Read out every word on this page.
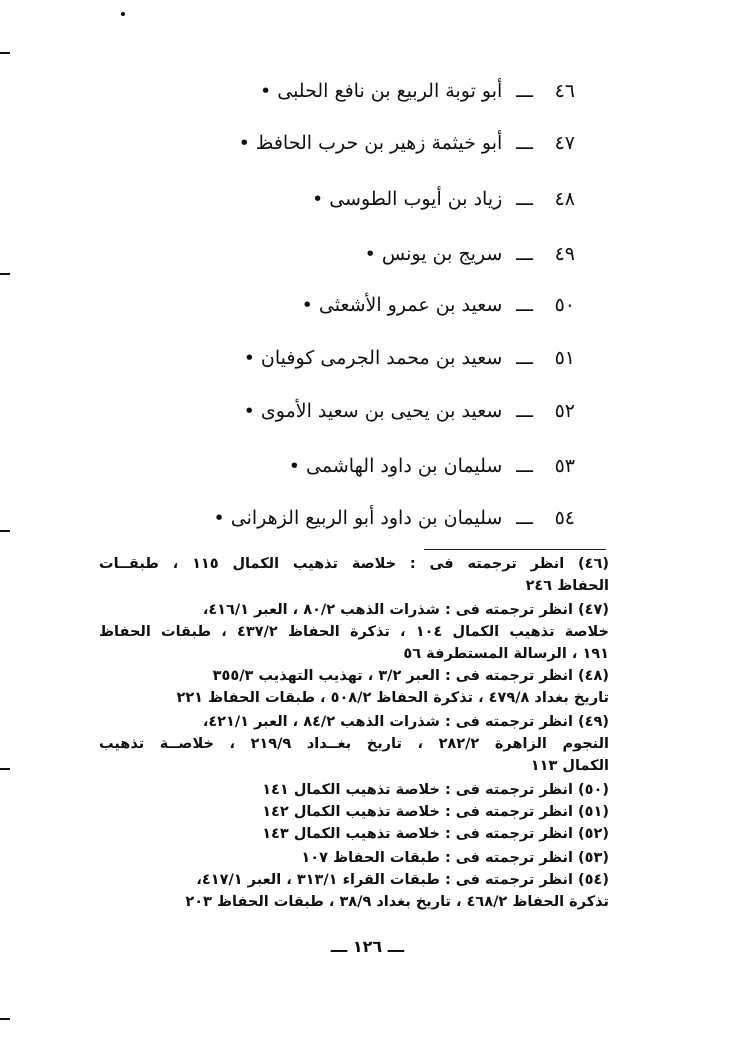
٤٦
ـــ
أبو توبة الربيع بن نافع الحلبى •
٤٧
ـــ
أبو خيثمة زهير بن حرب الحافظ •
٤٨
ـــ
زياد بن أيوب الطوسى •
٤٩
ـــ
سريج بن يونس •
٥٠
ـــ
سعيد بن عمرو الأشعثى •
٥١
ـــ
سعيد بن محمد الجرمى كوفيان •
٥٢
ـــ
سعيد بن يحيى بن سعيد الأموى •
٥٣
ـــ
سليمان بن داود الهاشمى •
٥٤
ـــ
سليمان بن داود أبو الربيع الزهرانى •
(٤٦) انظر ترجمته فى : خلاصة تذهيب الكمال ١١٥ ، طبقــات
الحفاظ ٢٤٦
(٤٧) انظر ترجمته فى : شذرات الذهب ٨٠/٢ ، العبر ٤١٦/١،
خلاصة تذهيب الكمال ١٠٤ ، تذكرة الحفاظ ٤٣٧/٢ ، طبقات الحفاظ
١٩١ ، الرسالة المستطرفة ٥٦
(٤٨) انظر ترجمته فى : العبر ٣/٢ ، تهذيب التهذيب ٣٥٥/٣
تاريخ بغداد ٤٧٩/٨ ، تذكرة الحفاظ ٥٠٨/٢ ، طبقات الحفاظ ٢٢١
(٤٩) انظر ترجمته فى : شذرات الذهب ٨٤/٢ ، العبر ٤٢١/١،
النجوم الزاهرة ٢٨٢/٢ ، تاريخ بغــداد ٢١٩/٩ ، خلاصــة تذهيب
الكمال ١١٣
(٥٠) انظر ترجمته فى : خلاصة تذهيب الكمال ١٤١
(٥١) انظر ترجمته فى : خلاصة تذهيب الكمال ١٤٢
(٥٢) انظر ترجمته فى : خلاصة تذهيب الكمال ١٤٣
(٥٣) انظر ترجمته فى : طبقات الحفاظ ١٠٧
(٥٤) انظر ترجمته فى : طبقات القراء ٣١٣/١ ، العبر ٤١٧/١،
تذكرة الحفاظ ٤٦٨/٢ ، تاريخ بغداد ٣٨/٩ ، طبقات الحفاظ ٢٠٣
ـــ ١٢٦ ـــ
